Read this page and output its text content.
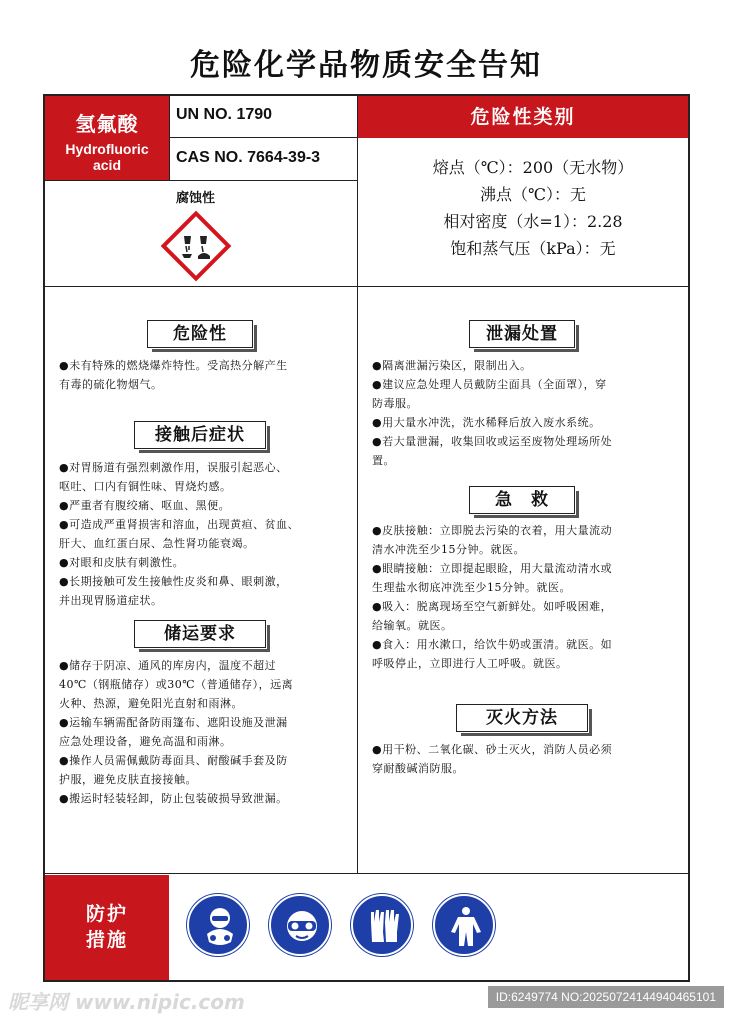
危险化学品物质安全告知
氢氟酸
Hydrofluoric
acid
UN NO. 1790
CAS NO. 7664-39-3
腐蚀性
危险性类别
熔点（℃）：200（无水物）
沸点（℃）：无
相对密度（水=1）：2.28
饱和蒸气压（kPa）：无
危险性

●未有特殊的燃烧爆炸特性。受高热分解产生

有毒的硫化物烟气。

接触后症状

●对胃肠道有强烈刺激作用，误服引起恶心、

呕吐、口内有铜性味、胃烧灼感。

●严重者有腹绞痛、呕血、黑便。

●可造成严重肾损害和溶血，出现黄疸、贫血、

肝大、血红蛋白尿、急性肾功能衰竭。

●对眼和皮肤有刺激性。

●长期接触可发生接触性皮炎和鼻、眼刺激，

并出现胃肠道症状。

储运要求

●储存于阴凉、通风的库房内，温度不超过

40℃（钢瓶储存）或30℃（普通储存），远离

火种、热源，避免阳光直射和雨淋。

●运输车辆需配备防雨篷布、遮阳设施及泄漏

应急处理设备，避免高温和雨淋。

●操作人员需佩戴防毒面具、耐酸碱手套及防

护服，避免皮肤直接接触。

●搬运时轻装轻卸，防止包装破损导致泄漏。

泄漏处置

●隔离泄漏污染区，限制出入。

●建议应急处理人员戴防尘面具（全面罩），穿

防毒服。

●用大量水冲洗，洗水稀释后放入废水系统。

●若大量泄漏，收集回收或运至废物处理场所处

置。

急　救

●皮肤接触：立即脱去污染的衣着，用大量流动

清水冲洗至少15分钟。就医。

●眼睛接触：立即提起眼睑，用大量流动清水或

生理盐水彻底冲洗至少15分钟。就医。

●吸入：脱离现场至空气新鲜处。如呼吸困难，

给输氧。就医。

●食入：用水漱口，给饮牛奶或蛋清。就医。如

呼吸停止，立即进行人工呼吸。就医。

灭火方法

●用干粉、二氧化碳、砂土灭火，消防人员必须

穿耐酸碱消防服。

防护
措施
昵享网 www.nipic.com	ID:6249774 NO:20250724144940465101
